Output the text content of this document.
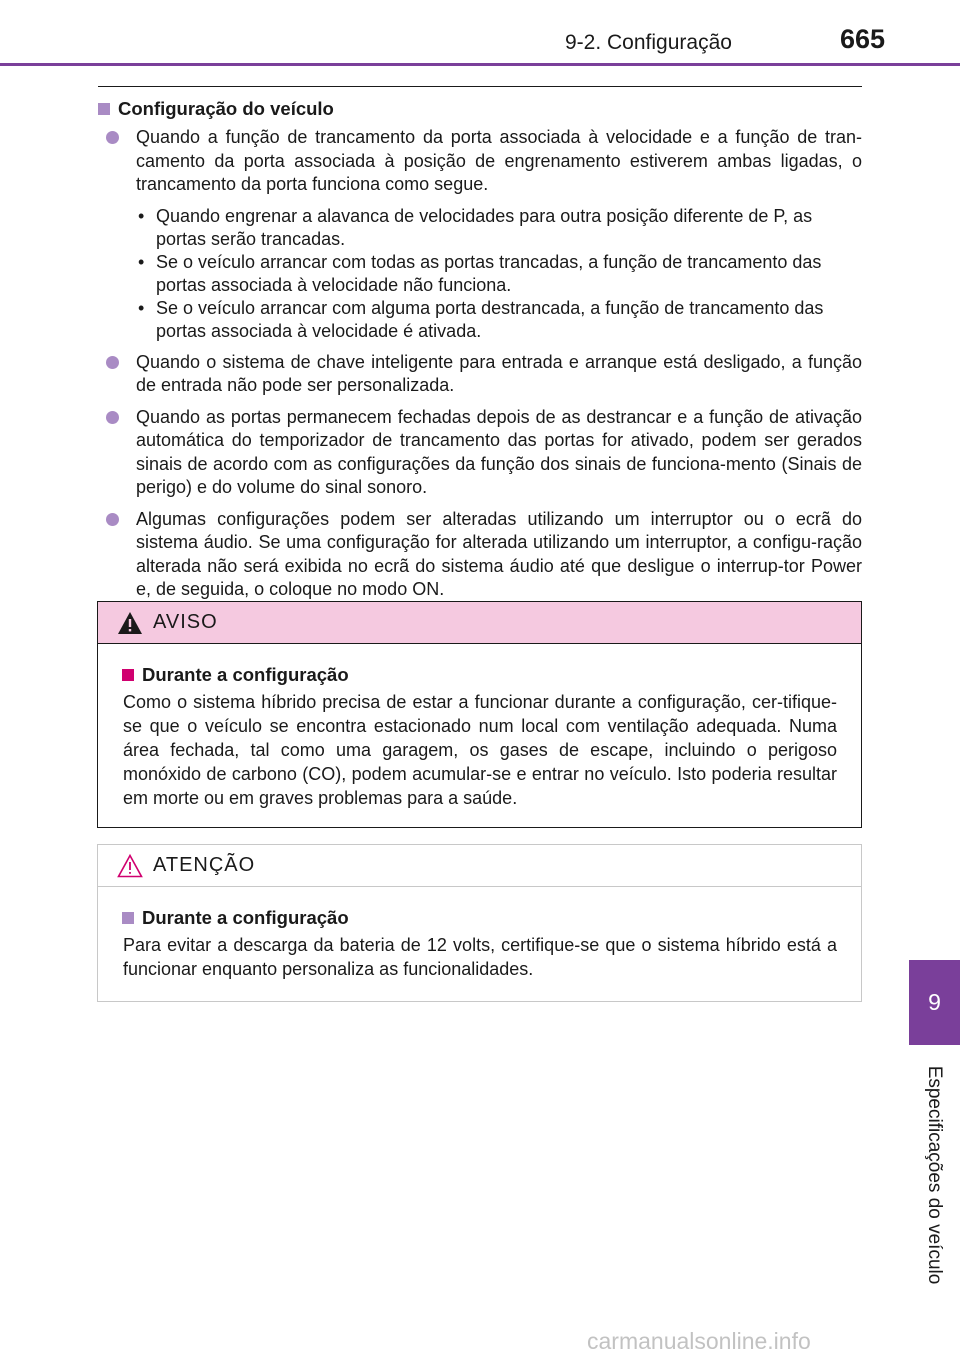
9-2. Configuração	665
Configuração do veículo
Quando a função de trancamento da porta associada à velocidade e a função de tran-camento da porta associada à posição de engrenamento estiverem ambas ligadas, o trancamento da porta funciona como segue.
• Quando engrenar a alavanca de velocidades para outra posição diferente de P, as portas serão trancadas.
• Se o veículo arrancar com todas as portas trancadas, a função de trancamento das portas associada à velocidade não funciona.
• Se o veículo arrancar com alguma porta destrancada, a função de trancamento das portas associada à velocidade é ativada.
Quando o sistema de chave inteligente para entrada e arranque está desligado, a função de entrada não pode ser personalizada.
Quando as portas permanecem fechadas depois de as destrancar e a função de ativação automática do temporizador de trancamento das portas for ativado, podem ser gerados sinais de acordo com as configurações da função dos sinais de funciona-mento (Sinais de perigo) e do volume do sinal sonoro.
Algumas configurações podem ser alteradas utilizando um interruptor ou o ecrã do sistema áudio. Se uma configuração for alterada utilizando um interruptor, a configu-ração alterada não será exibida no ecrã do sistema áudio até que desligue o interrup-tor Power e, de seguida, o coloque no modo ON.
AVISO
Durante a configuração
Como o sistema híbrido precisa de estar a funcionar durante a configuração, cer-tifique-se que o veículo se encontra estacionado num local com ventilação adequada. Numa área fechada, tal como uma garagem, os gases de escape, incluindo o perigoso monóxido de carbono (CO), podem acumular-se e entrar no veículo. Isto poderia resultar em morte ou em graves problemas para a saúde.
ATENÇÃO
Durante a configuração
Para evitar a descarga da bateria de 12 volts, certifique-se que o sistema híbrido está a funcionar enquanto personaliza as funcionalidades.
9
Especificações do veículo
carmanualsonline.info
